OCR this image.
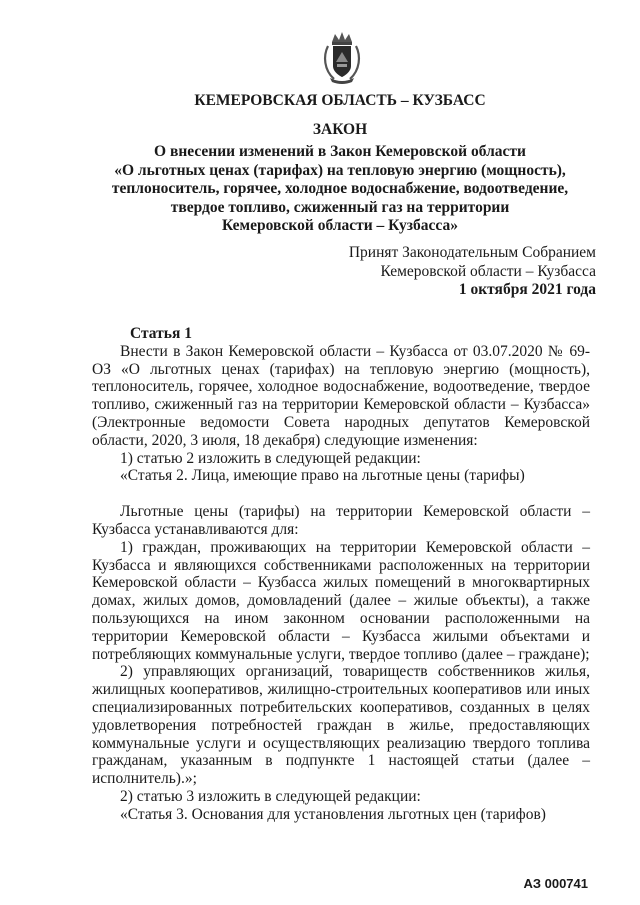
КЕМЕРОВСКАЯ ОБЛАСТЬ – КУЗБАСС
ЗАКОН
О внесении изменений в Закон Кемеровской области
«О льготных ценах (тарифах) на тепловую энергию (мощность),
теплоноситель, горячее, холодное водоснабжение, водоотведение,
твердое топливо, сжиженный газ на территории
Кемеровской области – Кузбасса»
Принят Законодательным Собранием
Кемеровской области – Кузбасса
1 октября 2021 года

Статья 1

Внести в Закон Кемеровской области – Кузбасса от 03.07.2020 № 69-ОЗ «О льготных ценах (тарифах) на тепловую энергию (мощность), теплоноситель, горячее, холодное водоснабжение, водоотведение, твердое топливо, сжиженный газ на территории Кемеровской области – Кузбасса» (Электронные ведомости Совета народных депутатов Кемеровской области, 2020, 3 июля, 18 декабря) следующие изменения:

1) статью 2 изложить в следующей редакции:

«Статья 2. Лица, имеющие право на льготные цены (тарифы)

Льготные цены (тарифы) на территории Кемеровской области – Кузбасса устанавливаются для:

1) граждан, проживающих на территории Кемеровской области – Кузбасса и являющихся собственниками расположенных на территории Кемеровской области – Кузбасса жилых помещений в многоквартирных домах, жилых домов, домовладений (далее – жилые объекты), а также пользующихся на ином законном основании расположенными на территории Кемеровской области – Кузбасса жилыми объектами и потребляющих коммунальные услуги, твердое топливо (далее – граждане);

2) управляющих организаций, товариществ собственников жилья, жилищных кооперативов, жилищно-строительных кооперативов или иных специализированных потребительских кооперативов, созданных в целях удовлетворения потребностей граждан в жилье, предоставляющих коммунальные услуги и осуществляющих реализацию твердого топлива гражданам, указанным в подпункте 1 настоящей статьи (далее – исполнитель).»;

2) статью 3 изложить в следующей редакции:

«Статья 3. Основания для установления льготных цен (тарифов)

АЗ 000741
